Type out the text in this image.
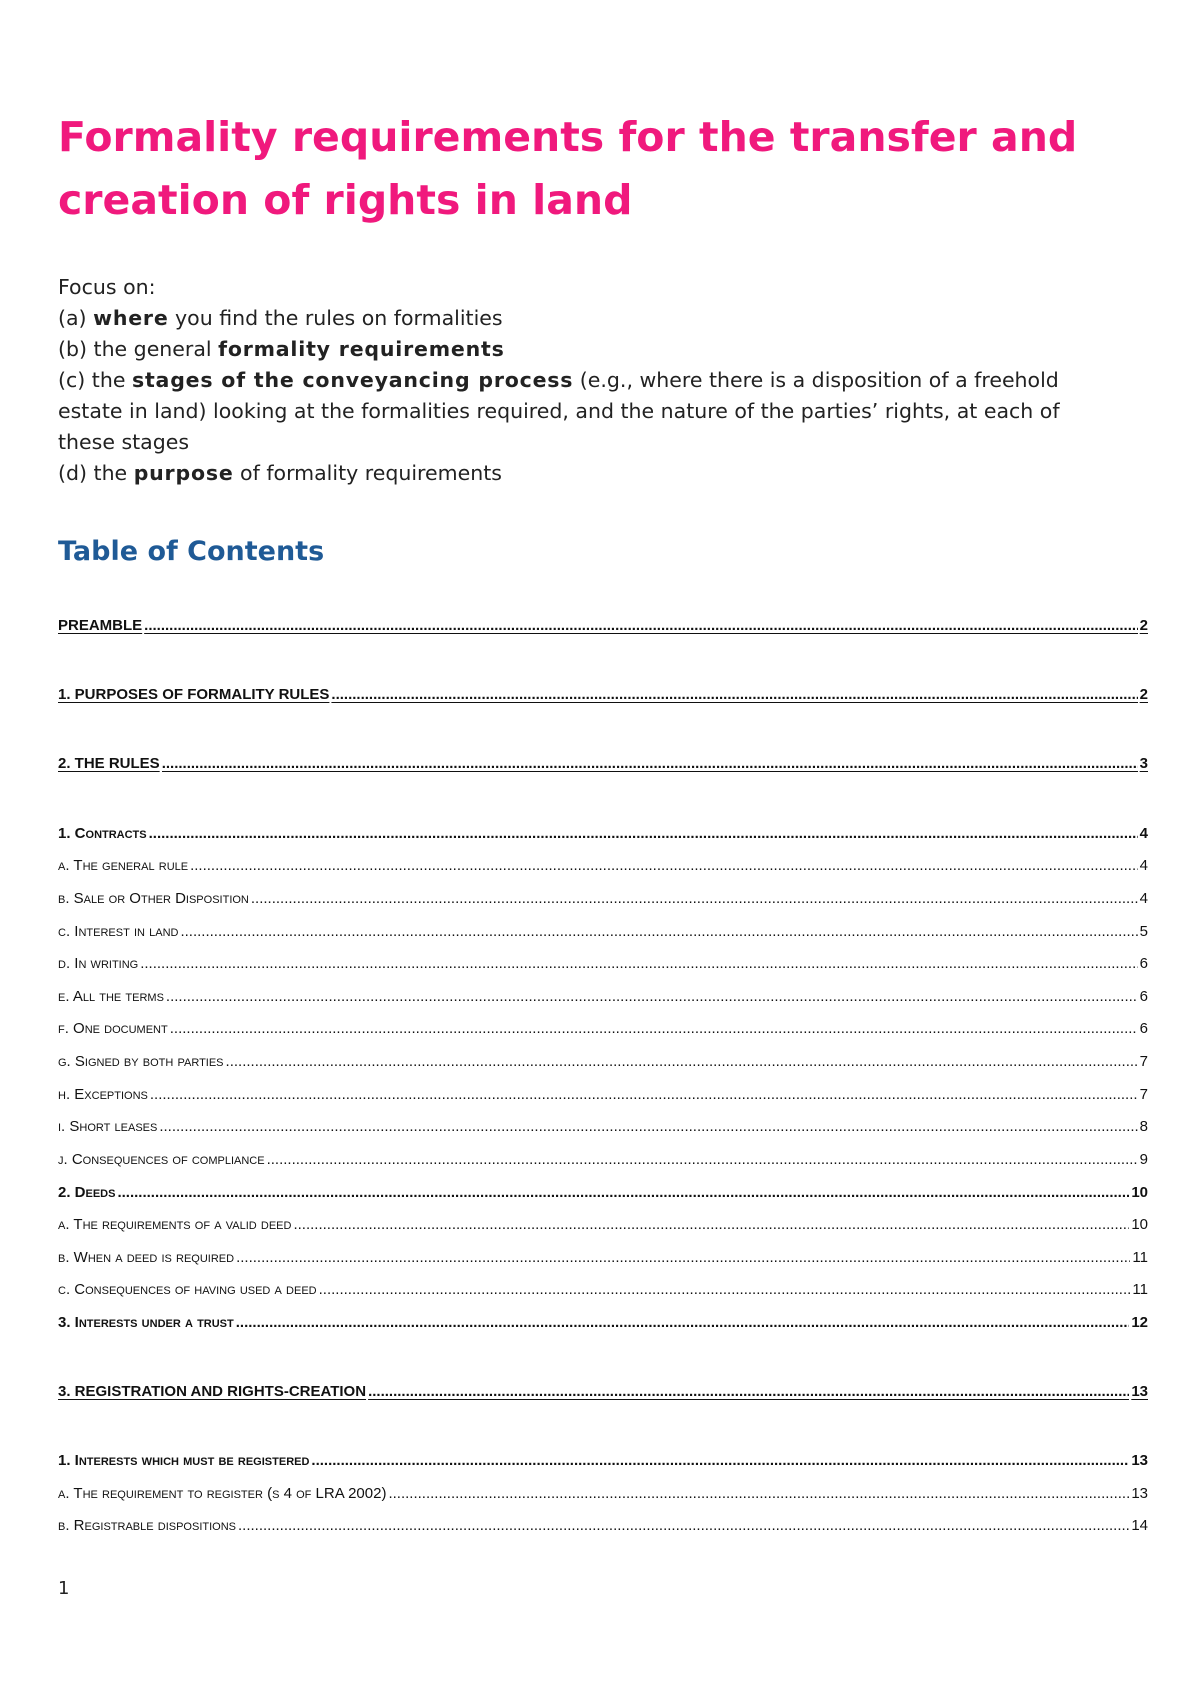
Formality requirements for the transfer and creation of rights in land
Focus on:
(a) where you find the rules on formalities
(b) the general formality requirements
(c) the stages of the conveyancing process (e.g., where there is a disposition of a freehold
estate in land) looking at the formalities required, and the nature of the parties’ rights, at each of
these stages
(d) the purpose of formality requirements
Table of Contents
PREAMBLE .....	2
1. PURPOSES OF FORMALITY RULES .....	2
2. THE RULES .....	3
1. Contracts .....	4
a. The general rule .....	4
b. Sale or Other Disposition .....	4
c. Interest in land .....	5
d. In writing .....	6
e. All the terms .....	6
f. One document .....	6
g. Signed by both parties .....	7
h. Exceptions .....	7
i. Short leases .....	8
j. Consequences of compliance .....	9
2. Deeds .....	10
a. The requirements of a valid deed .....	10
b. When a deed is required .....	11
c. Consequences of having used a deed .....	11
3. Interests under a trust .....	12
3. REGISTRATION AND RIGHTS-CREATION .....	13
1. Interests which must be registered .....	13
a. The requirement to register (s 4 of LRA 2002) .....	13
b. Registrable dispositions .....	14
1
